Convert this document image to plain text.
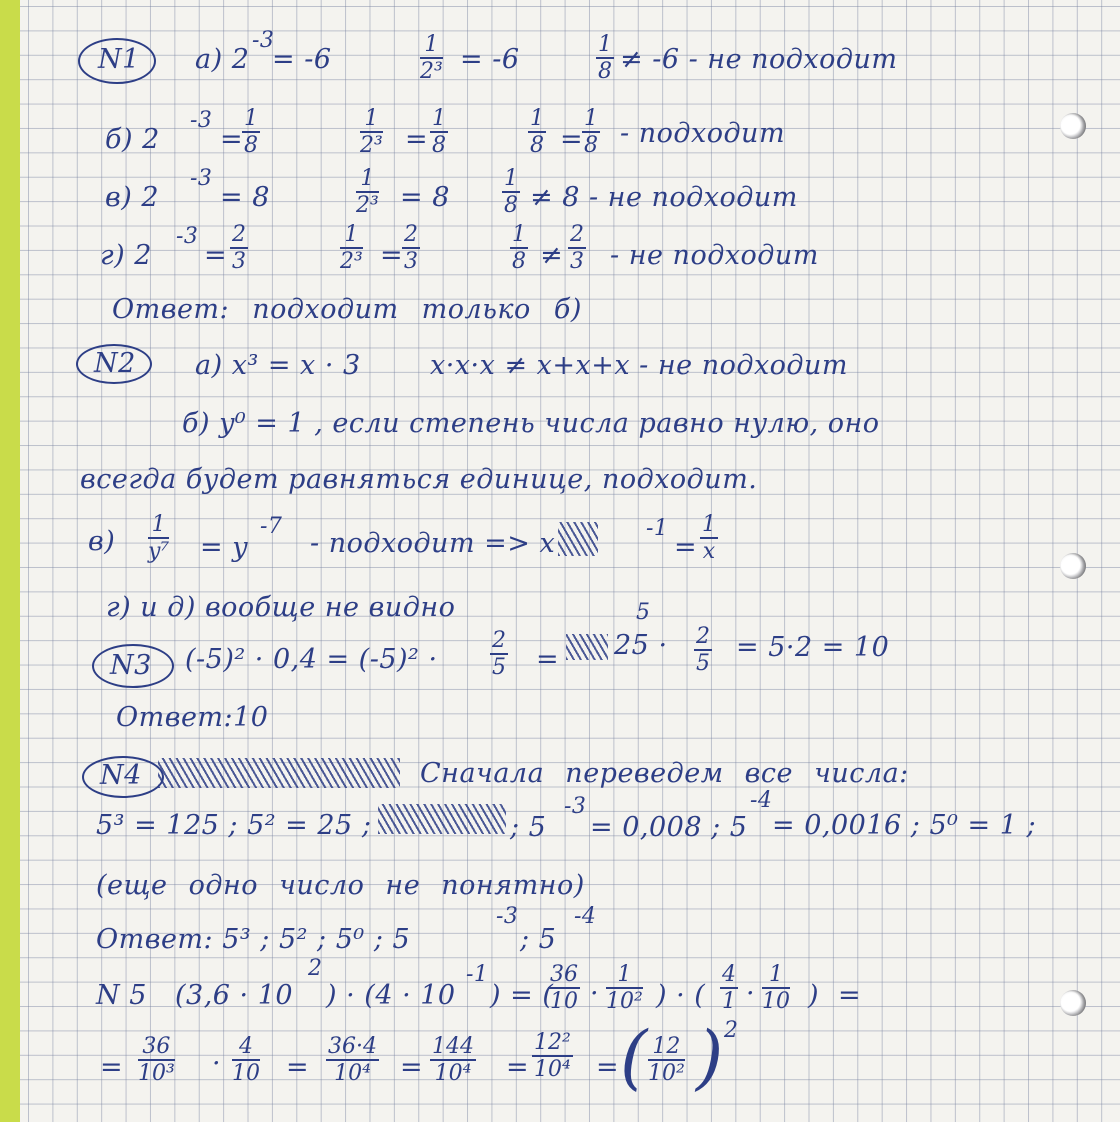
N1 a) 2
-3
= -6	$\frac{1}{\text{2³}} = -6$	$\frac{1}{8} \ne -6$ - не подходит
б) 2
-3
=
$\frac{1}{8}$	$\frac{1}{\text{2³}} = \frac{1}{8}$	$\frac{1}{8}$ =
$\frac{1}{8}$ - подходит
в) 2
-3
= 8	$\frac{1}{\text{2³}} = 8 \frac{1}{8} \ne 8$ - не подходит
г) 2
-3
= $\frac{2}{3}$	$\frac{1}{\text{2³}}$ =
$\frac{2}{3}$	$\frac{1}{8} \ne \frac{2}{3}$ - не подходит
Ответ: подходит только б)
N2 a) x³ = x · 3	x·x·x ≠ x+x+x - не подходит
б) y⁰ = 1 , если степень числа равно нулю, оно
всегда будет равняться единице, подходит.
$в) \frac{1}{\text{y⁷}} = y$
-7
- подходит => x	-1
= $\frac{1}{x}$
г) и д) вообще не видно
N3 $(-5)^2 \cdot 0,4 = (-5)^2 \cdot \frac{2}{5}$ =
5
$25 \cdot \frac{2}{5} = 5\cdot 2 = 10$
Ответ:10
N4	Сначала переведем все числа:
5³ = 125 ; 5² = 25 ;	; 5
-3
= 0,008 ; 5
-4
= 0,0016 ; 5⁰ = 1 ;
(еще одно число не понятно)
Ответ: 5³ ; 5² ; 5⁰ ; 5
-3
; 5
-4
N 5 (3,6 · 10
2
) · (4 · 10
-1
) = (
$\frac{36}{10} \cdot \frac{1}{\text{10²}}$ ) · ( $\frac{4}{1} \cdot \frac{1}{10}$ ) =
= $\frac{36}{\text{10³}} \cdot \frac{4}{10} = \frac{36\cdot 4}{\text{10⁴}} = \frac{144}{\text{10⁴}} = \frac{\text{12²}}{\text{10⁴}}$ = ( $\frac{12}{\text{10²}}$ ) 2
